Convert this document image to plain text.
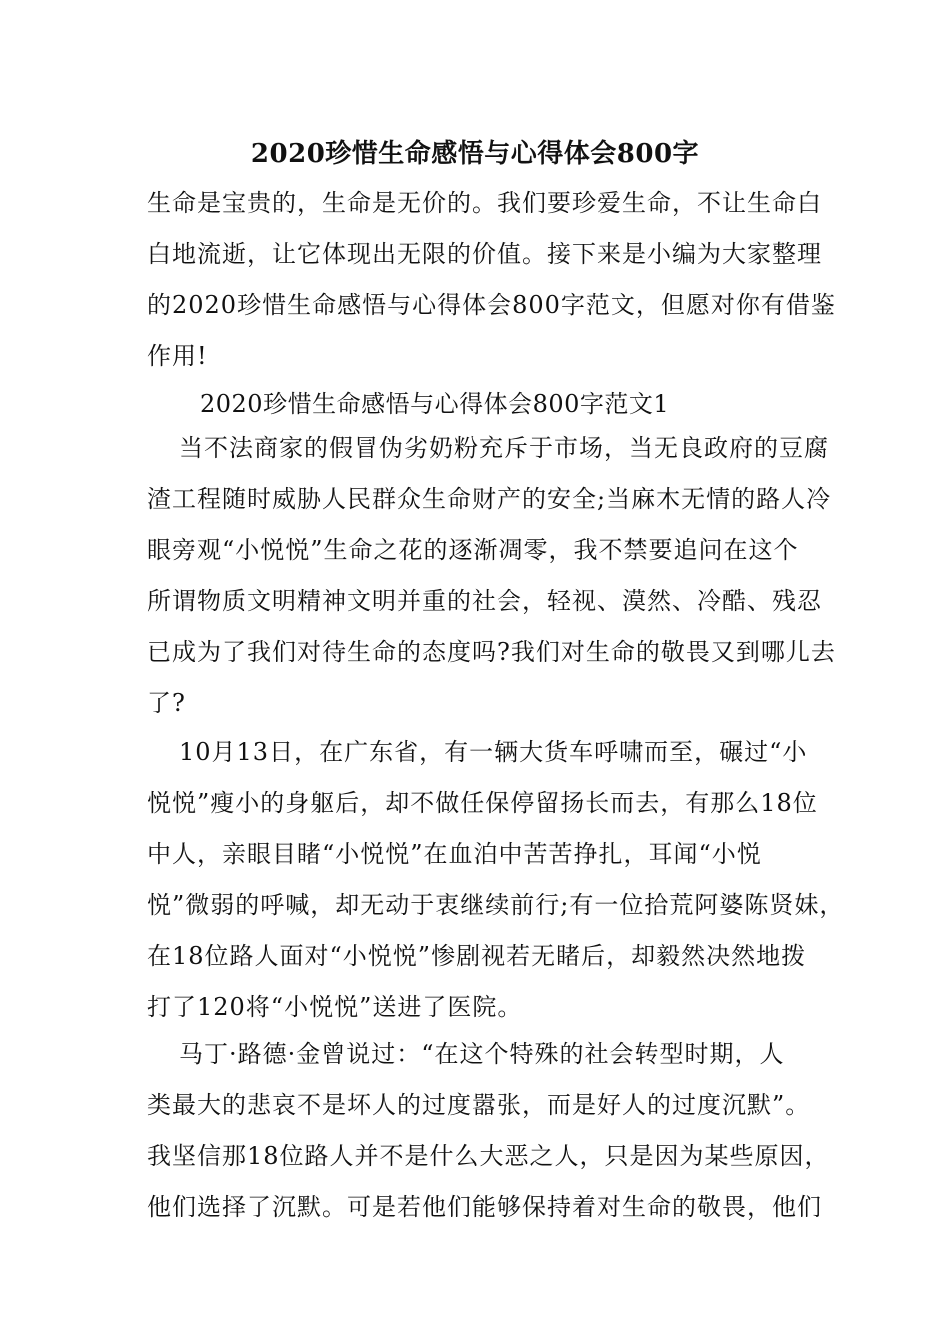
2020珍惜生命感悟与心得体会800字
生命是宝贵的，生命是无价的。我们要珍爱生命，不让生命白
白地流逝，让它体现出无限的价值。接下来是小编为大家整理
的2020珍惜生命感悟与心得体会800字范文，但愿对你有借鉴
作用!
2020珍惜生命感悟与心得体会800字范文1
当不法商家的假冒伪劣奶粉充斥于市场，当无良政府的豆腐
渣工程随时威胁人民群众生命财产的安全;当麻木无情的路人冷
眼旁观“小悦悦”生命之花的逐渐凋零，我不禁要追问在这个
所谓物质文明精神文明并重的社会，轻视、漠然、冷酷、残忍
已成为了我们对待生命的态度吗?我们对生命的敬畏又到哪儿去
了?
10月13日，在广东省，有一辆大货车呼啸而至，碾过“小
悦悦”瘦小的身躯后，却不做任保停留扬长而去，有那么18位
中人，亲眼目睹“小悦悦”在血泊中苦苦挣扎，耳闻“小悦
悦”微弱的呼喊，却无动于衷继续前行;有一位拾荒阿婆陈贤妹，
在18位路人面对“小悦悦”惨剧视若无睹后，却毅然决然地拨
打了120将“小悦悦”送进了医院。
马丁·路德·金曾说过：“在这个特殊的社会转型时期，人
类最大的悲哀不是坏人的过度嚣张，而是好人的过度沉默”。
我坚信那18位路人并不是什么大恶之人，只是因为某些原因，
他们选择了沉默。可是若他们能够保持着对生命的敬畏，他们
